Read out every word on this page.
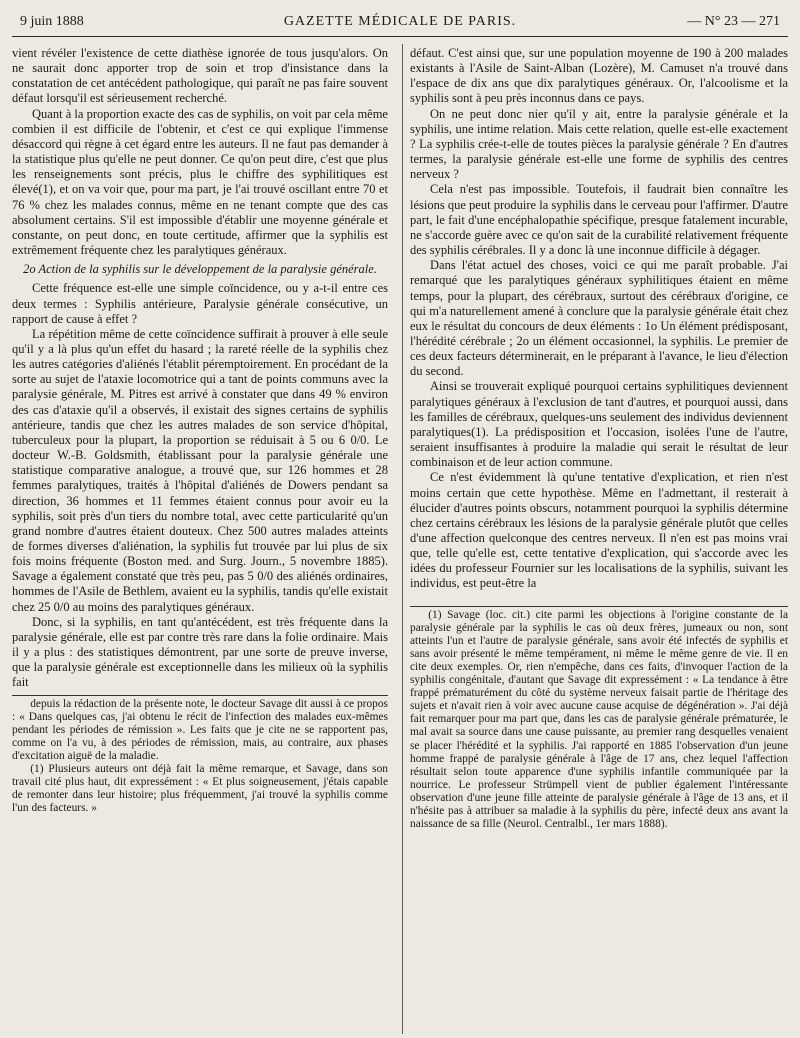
9 juin 1888	GAZETTE MÉDICALE DE PARIS.	— N° 23 — 271

vient révéler l'existence de cette diathèse ignorée de tous jusqu'alors. On ne saurait donc apporter trop de soin et trop d'insistance dans la constatation de cet antécédent pathologique, qui paraît ne pas faire souvent défaut lorsqu'il est sérieusement recherché.

Quant à la proportion exacte des cas de syphilis, on voit par cela même combien il est difficile de l'obtenir, et c'est ce qui explique l'immense désaccord qui règne à cet égard entre les auteurs. Il ne faut pas demander à la statistique plus qu'elle ne peut donner. Ce qu'on peut dire, c'est que plus les renseignements sont précis, plus le chiffre des syphilitiques est élevé(1), et on va voir que, pour ma part, je l'ai trouvé oscillant entre 70 et 76 % chez les malades connus, même en ne tenant compte que des cas absolument certains. S'il est impossible d'établir une moyenne générale et constante, on peut donc, en toute certitude, affirmer que la syphilis est extrêmement fréquente chez les paralytiques généraux.

2o Action de la syphilis sur le développement de la paralysie générale.

Cette fréquence est-elle une simple coïncidence, ou y a-t-il entre ces deux termes : Syphilis antérieure, Paralysie générale consécutive, un rapport de cause à effet ?

La répétition même de cette coïncidence suffirait à prouver à elle seule qu'il y a là plus qu'un effet du hasard ; la rareté réelle de la syphilis chez les autres catégories d'aliénés l'établit péremptoirement. En procédant de la sorte au sujet de l'ataxie locomotrice qui a tant de points communs avec la paralysie générale, M. Pitres est arrivé à constater que dans 49 % environ des cas d'ataxie qu'il a observés, il existait des signes certains de syphilis antérieure, tandis que chez les autres malades de son service d'hôpital, tuberculeux pour la plupart, la proportion se réduisait à 5 ou 6 0/0. Le docteur W.-B. Goldsmith, établissant pour la paralysie générale une statistique comparative analogue, a trouvé que, sur 126 hommes et 28 femmes paralytiques, traités à l'hôpital d'aliénés de Dowers pendant sa direction, 36 hommes et 11 femmes étaient connus pour avoir eu la syphilis, soit près d'un tiers du nombre total, avec cette particularité qu'un grand nombre d'autres étaient douteux. Chez 500 autres malades atteints de formes diverses d'aliénation, la syphilis fut trouvée par lui plus de six fois moins fréquente (Boston med. and Surg. Journ., 5 novembre 1885). Savage a également constaté que très peu, pas 5 0/0 des aliénés ordinaires, hommes de l'Asile de Bethlem, avaient eu la syphilis, tandis qu'elle existait chez 25 0/0 au moins des paralytiques généraux.

Donc, si la syphilis, en tant qu'antécédent, est très fréquente dans la paralysie générale, elle est par contre très rare dans la folie ordinaire. Mais il y a plus : des statistiques démontrent, par une sorte de preuve inverse, que la paralysie générale est exceptionnelle dans les milieux où la syphilis fait

depuis la rédaction de la présente note, le docteur Savage dit aussi à ce propos : « Dans quelques cas, j'ai obtenu le récit de l'infection des malades eux-mêmes pendant les périodes de rémission ». Les faits que je cite ne se rapportent pas, comme on l'a vu, à des périodes de rémission, mais, au contraire, aux phases d'excitation aiguë de la maladie.

(1) Plusieurs auteurs ont déjà fait la même remarque, et Savage, dans son travail cité plus haut, dit expressément : « Et plus soigneusement, j'étais capable de remonter dans leur histoire; plus fréquemment, j'ai trouvé la syphilis comme l'un des facteurs. »

défaut. C'est ainsi que, sur une population moyenne de 190 à 200 malades existants à l'Asile de Saint-Alban (Lozère), M. Camuset n'a trouvé dans l'espace de dix ans que dix paralytiques généraux. Or, l'alcoolisme et la syphilis sont à peu près inconnus dans ce pays.

On ne peut donc nier qu'il y ait, entre la paralysie générale et la syphilis, une intime relation. Mais cette relation, quelle est-elle exactement ? La syphilis crée-t-elle de toutes pièces la paralysie générale ? En d'autres termes, la paralysie générale est-elle une forme de syphilis des centres nerveux ?

Cela n'est pas impossible. Toutefois, il faudrait bien connaître les lésions que peut produire la syphilis dans le cerveau pour l'affirmer. D'autre part, le fait d'une encéphalopathie spécifique, presque fatalement incurable, ne s'accorde guère avec ce qu'on sait de la curabilité relativement fréquente des syphilis cérébrales. Il y a donc là une inconnue difficile à dégager.

Dans l'état actuel des choses, voici ce qui me paraît probable. J'ai remarqué que les paralytiques généraux syphilitiques étaient en même temps, pour la plupart, des cérébraux, surtout des cérébraux d'origine, ce qui m'a naturellement amené à conclure que la paralysie générale était chez eux le résultat du concours de deux éléments : 1o Un élément prédisposant, l'hérédité cérébrale ; 2o un élément occasionnel, la syphilis. Le premier de ces deux facteurs déterminerait, en le préparant à l'avance, le lieu d'élection du second.

Ainsi se trouverait expliqué pourquoi certains syphilitiques deviennent paralytiques généraux à l'exclusion de tant d'autres, et pourquoi aussi, dans les familles de cérébraux, quelques-uns seulement des individus deviennent paralytiques(1). La prédisposition et l'occasion, isolées l'une de l'autre, seraient insuffisantes à produire la maladie qui serait le résultat de leur combinaison et de leur action commune.

Ce n'est évidemment là qu'une tentative d'explication, et rien n'est moins certain que cette hypothèse. Même en l'admettant, il resterait à élucider d'autres points obscurs, notamment pourquoi la syphilis détermine chez certains cérébraux les lésions de la paralysie générale plutôt que celles d'une affection quelconque des centres nerveux. Il n'en est pas moins vrai que, telle qu'elle est, cette tentative d'explication, qui s'accorde avec les idées du professeur Fournier sur les localisations de la syphilis, suivant les individus, est peut-être la

(1) Savage (loc. cit.) cite parmi les objections à l'origine constante de la paralysie générale par la syphilis le cas où deux frères, jumeaux ou non, sont atteints l'un et l'autre de paralysie générale, sans avoir été infectés de syphilis et sans avoir présenté le même tempérament, ni même le même genre de vie. Il en cite deux exemples. Or, rien n'empêche, dans ces faits, d'invoquer l'action de la syphilis congénitale, d'autant que Savage dit expressément : « La tendance à être frappé prématurément du côté du système nerveux faisait partie de l'héritage des sujets et n'avait rien à voir avec aucune cause acquise de dégénération ». J'ai déjà fait remarquer pour ma part que, dans les cas de paralysie générale prématurée, le mal avait sa source dans une cause puissante, au premier rang desquelles venaient se placer l'hérédité et la syphilis. J'ai rapporté en 1885 l'observation d'un jeune homme frappé de paralysie générale à l'âge de 17 ans, chez lequel l'affection résultait selon toute apparence d'une syphilis infantile communiquée par la nourrice. Le professeur Strümpell vient de publier également l'intéressante observation d'une jeune fille atteinte de paralysie générale à l'âge de 13 ans, et il n'hésite pas à attribuer sa maladie à la syphilis du père, infecté deux ans avant la naissance de sa fille (Neurol. Centralbl., 1er mars 1888).
